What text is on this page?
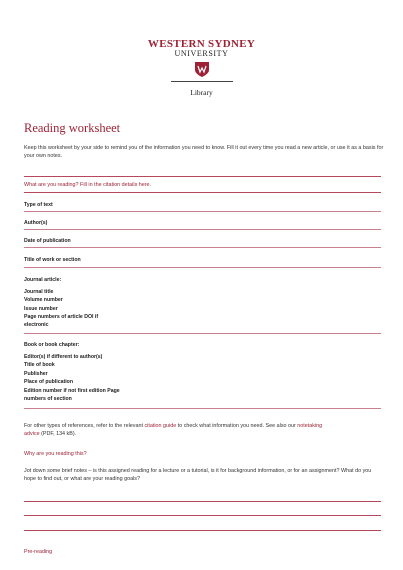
WESTERN SYDNEY
UNIVERSITY
Library
Reading worksheet
Keep this worksheet by your side to remind you of the information you need to know. Fill it out every time you read a new article, or use it as a basis for your own notes.
What are you reading? Fill in the citation details here.
Type of text
Author(s)
Date of publication
Title of work or section
Journal article:
Journal title
Volume number
Issue number
Page numbers of article DOI if
electronic
Book or book chapter:
Editor(s) if different to author(s)
Title of book
Publisher
Place of publication
Edition number if not first edition Page
numbers of section
For other types of references, refer to the relevant citation guide to check what information you need. See also our notetaking
advice (PDF, 134 kB).
Why are you reading this?
Jot down some brief notes – is this assigned reading for a lecture or a tutorial, is it for background information, or for an assignment? What do you hope to find out, or what are your reading goals?
Pre-reading
